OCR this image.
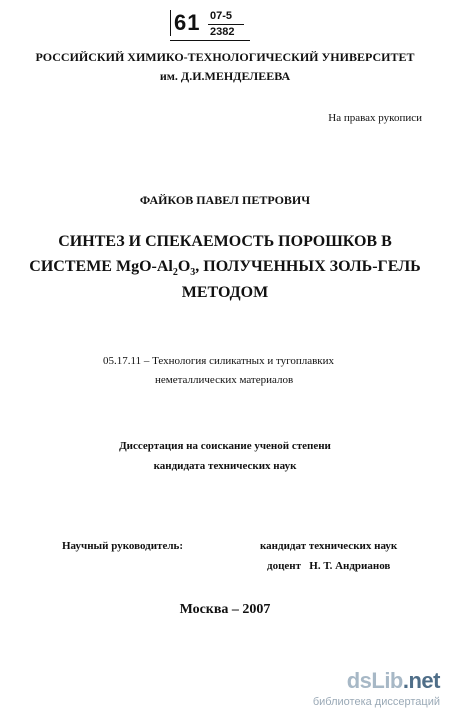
61 07-5
2382
РОССИЙСКИЙ ХИМИКО-ТЕХНОЛОГИЧЕСКИЙ УНИВЕРСИТЕТ
им. Д.И.МЕНДЕЛЕЕВА
На правах рукописи
ФАЙКОВ ПАВЕЛ ПЕТРОВИЧ
СИНТЕЗ И СПЕКАЕМОСТЬ ПОРОШКОВ В
СИСТЕМЕ MgO-$Al_2O_3$, ПОЛУЧЕННЫХ ЗОЛЬ-ГЕЛЬ
МЕТОДОМ
05.17.11 – Технология силикатных и тугоплавких
неметаллических материалов
Диссертация на соискание ученой степени
кандидата технических наук
Научный руководитель:	кандидат технических наук
доцент   Н. Т. Андрианов
Москва – 2007
dsLib.net
библиотека диссертаций
